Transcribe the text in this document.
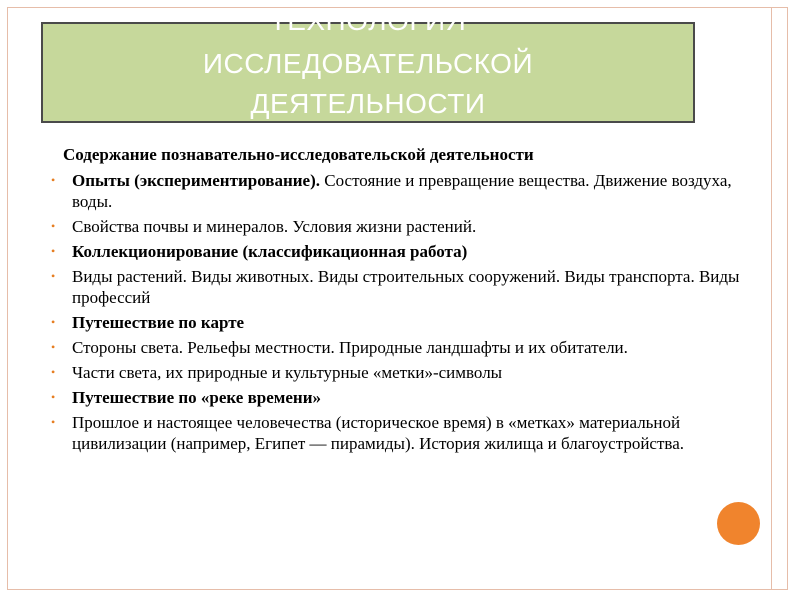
ТЕХНОЛОГИЯ
ИССЛЕДОВАТЕЛЬСКОЙ
ДЕЯТЕЛЬНОСТИ
Содержание познавательно-исследовательской деятельности
• Опыты (экспериментирование). Состояние и превращение вещества. Движение воздуха, воды.
• Свойства почвы и минералов. Условия жизни растений.
• Коллекционирование (классификационная работа)
• Виды растений. Виды животных. Виды строительных сооружений. Виды транспорта. Виды профессий
• Путешествие по карте
• Стороны света. Рельефы местности. Природные ландшафты и их обитатели.
• Части света, их природные и культурные «метки»-символы
• Путешествие по «реке времени»
• Прошлое и настоящее человечества (историческое время) в «метках» материальной цивилизации (например, Египет — пирамиды). История жилища и благоустройства.
